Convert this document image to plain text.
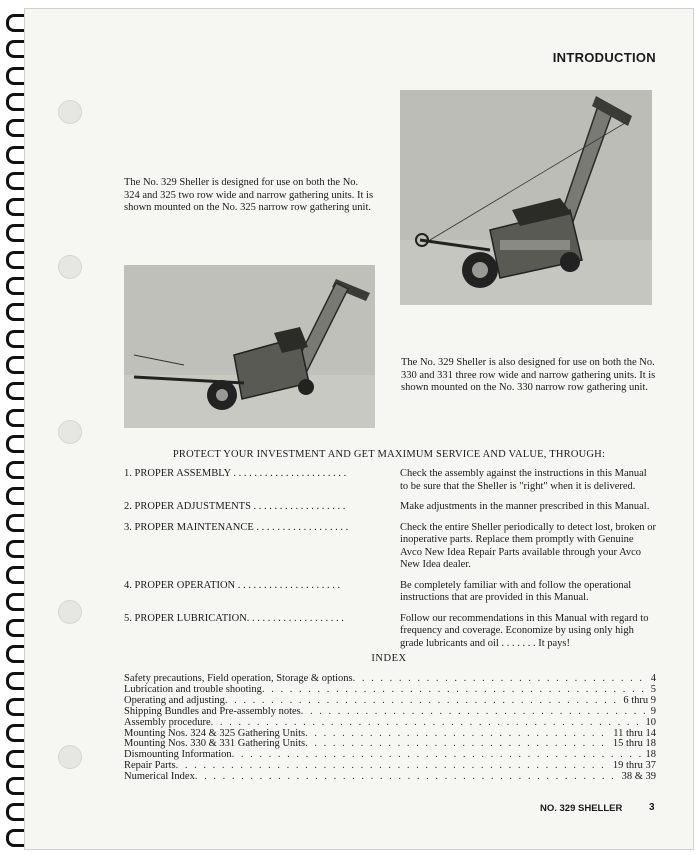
INTRODUCTION
The No. 329 Sheller is designed for use on both the No. 324 and 325 two row wide and narrow gathering units. It is shown mounted on the No. 325 narrow row gathering unit.
The No. 329 Sheller is also designed for use on both the No. 330 and 331 three row wide and narrow gathering units. It is shown mounted on the No. 330 narrow row gathering unit.
PROTECT YOUR INVESTMENT AND GET MAXIMUM SERVICE AND VALUE, THROUGH:
1. PROPER ASSEMBLY . . . . . . . . . . . . . . . . . . . . . .	Check the assembly against the instructions in this Manual to be sure that the Sheller is "right" when it is delivered.
2. PROPER ADJUSTMENTS . . . . . . . . . . . . . . . . . .	Make adjustments in the manner prescribed in this Manual.
3. PROPER MAINTENANCE . . . . . . . . . . . . . . . . . .	Check the entire Sheller periodically to detect lost, broken or inoperative parts. Replace them promptly with Genuine Avco New Idea Repair Parts available through your Avco New Idea dealer.
4. PROPER OPERATION . . . . . . . . . . . . . . . . . . . .	Be completely familiar with and follow the operational instructions that are provided in this Manual.
5. PROPER LUBRICATION. . . . . . . . . . . . . . . . . . .	Follow our recommendations in this Manual with regard to frequency and coverage. Economize by using only high grade lubricants and oil . . . . . . . It pays!
INDEX
Safety precautions, Field operation, Storage & options . . .	4
Lubrication and trouble shooting . . .	5
Operating and adjusting . . .	6 thru 9
Shipping Bundles and Pre-assembly notes . . .	9
Assembly procedure . . .	10
Mounting Nos. 324 & 325 Gathering Units . . .	11 thru 14
Mounting Nos. 330 & 331 Gathering Units . . .	15 thru 18
Dismounting Information . . .	18
Repair Parts . . .	19 thru 37
Numerical Index . . .	38 & 39
NO. 329 SHELLER	3
